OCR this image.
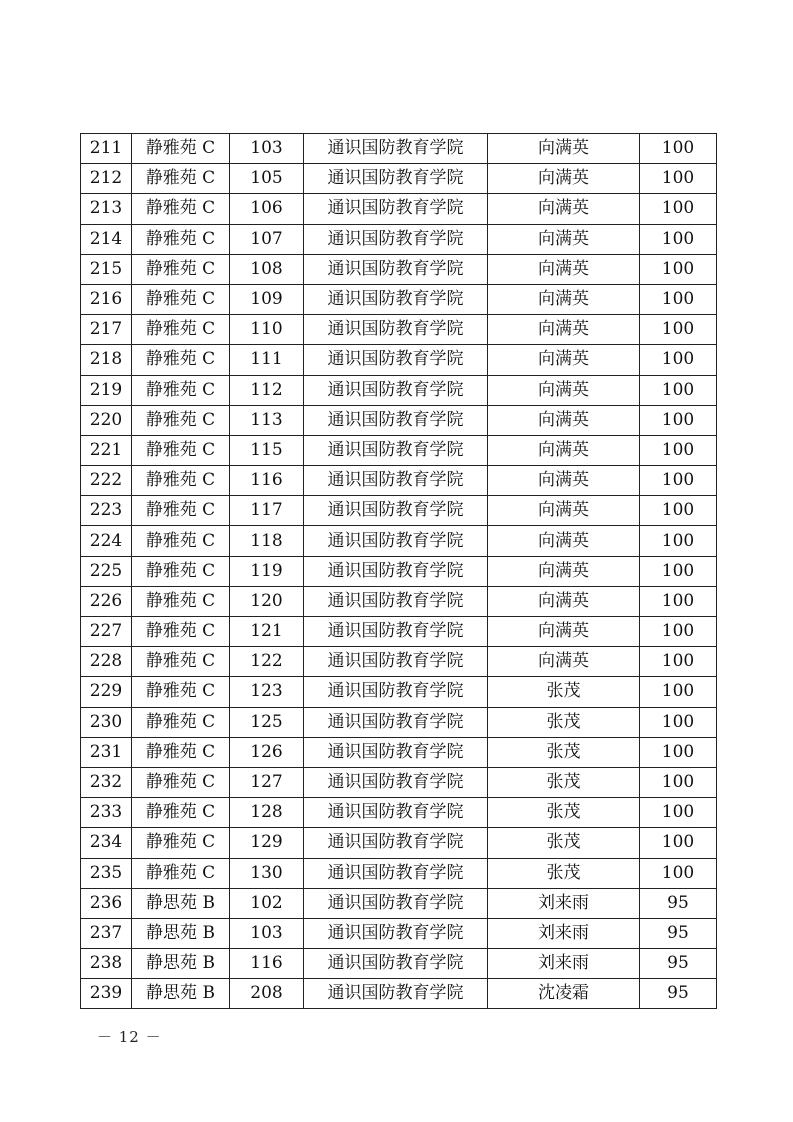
211	静雅苑 C	103	通识国防教育学院	向满英	100
212	静雅苑 C	105	通识国防教育学院	向满英	100
213	静雅苑 C	106	通识国防教育学院	向满英	100
214	静雅苑 C	107	通识国防教育学院	向满英	100
215	静雅苑 C	108	通识国防教育学院	向满英	100
216	静雅苑 C	109	通识国防教育学院	向满英	100
217	静雅苑 C	110	通识国防教育学院	向满英	100
218	静雅苑 C	111	通识国防教育学院	向满英	100
219	静雅苑 C	112	通识国防教育学院	向满英	100
220	静雅苑 C	113	通识国防教育学院	向满英	100
221	静雅苑 C	115	通识国防教育学院	向满英	100
222	静雅苑 C	116	通识国防教育学院	向满英	100
223	静雅苑 C	117	通识国防教育学院	向满英	100
224	静雅苑 C	118	通识国防教育学院	向满英	100
225	静雅苑 C	119	通识国防教育学院	向满英	100
226	静雅苑 C	120	通识国防教育学院	向满英	100
227	静雅苑 C	121	通识国防教育学院	向满英	100
228	静雅苑 C	122	通识国防教育学院	向满英	100
229	静雅苑 C	123	通识国防教育学院	张茂	100
230	静雅苑 C	125	通识国防教育学院	张茂	100
231	静雅苑 C	126	通识国防教育学院	张茂	100
232	静雅苑 C	127	通识国防教育学院	张茂	100
233	静雅苑 C	128	通识国防教育学院	张茂	100
234	静雅苑 C	129	通识国防教育学院	张茂	100
235	静雅苑 C	130	通识国防教育学院	张茂	100
236	静思苑 B	102	通识国防教育学院	刘来雨	95
237	静思苑 B	103	通识国防教育学院	刘来雨	95
238	静思苑 B	116	通识国防教育学院	刘来雨	95
239	静思苑 B	208	通识国防教育学院	沈凌霜	95
－ 12 －
